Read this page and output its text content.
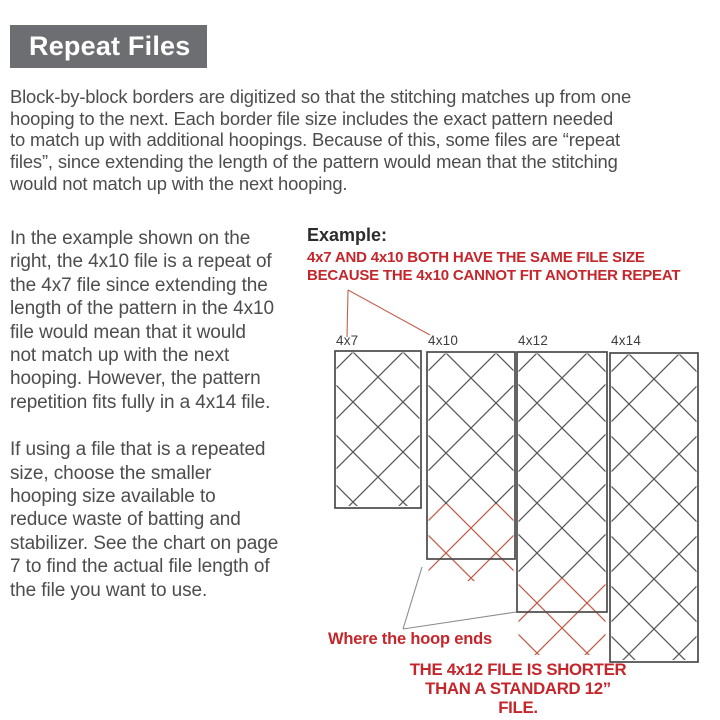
Repeat Files
Block-by-block borders are digitized so that the stitching matches up from one
hooping to the next. Each border file size includes the exact pattern needed
to match up with additional hoopings. Because of this, some files are “repeat
files”, since extending the length of the pattern would mean that the stitching
would not match up with the next hooping.

In the example shown on the
right, the 4x10 file is a repeat of
the 4x7 file since extending the
length of the pattern in the 4x10
file would mean that it would
not match up with the next
hooping. However, the pattern
repetition fits fully in a 4x14 file.

If using a file that is a repeated
size, choose the smaller
hooping size available to
reduce waste of batting and
stabilizer. See the chart on page
7 to find the actual file length of
the file you want to use.

Example:
4x7 AND 4x10 BOTH HAVE THE SAME FILE SIZE
BECAUSE THE 4x10 CANNOT FIT ANOTHER REPEAT
4x7	4x10	4x12	4x14
Where the hoop ends
THE 4x12 FILE IS SHORTER
THAN A STANDARD 12” FILE.
